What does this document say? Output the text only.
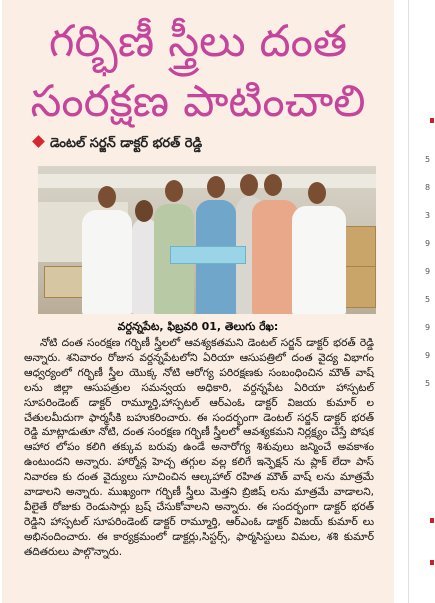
గర్భిణీ స్త్రీలు దంత
సంరక్షణ పాటించాలి
డెంటల్ సర్జన్ డాక్టర్ భరత్ రెడ్డి
వర్దన్నపేట, ఫిబ్రవరి 01, తెలుగు రేఖ:

నోటి దంత సంరక్షణ గర్భిణీ స్త్రీలలో ఆవశ్యకతమని డెంటల్ సర్జన్ డాక్టర్ భరత్ రెడ్డి అన్నారు. శనివారం రోజున వర్దన్నపేటలోని ఏరియా ఆసుపత్రిలో దంత వైద్య విభాగం ఆధ్వర్యంలో గర్భిణీ స్త్రీల యొక్క నోటి ఆరోగ్య పరిరక్షణకు సంబంధించిన మౌత్ వాష్ లను జిల్లా ఆసుపత్రుల సమన్వయ అధికారి, వర్దన్నపేట ఏరియా హాస్పటల్ సూపరిండెంట్ డాక్టర్ రామ్మూర్తి,హాస్పటల్ ఆర్ఎంఓ డాక్టర్ విజయ కుమార్ ల చేతులమీదుగా ఫార్మసీకి బహుకరించారు. ఈ సందర్భంగా డెంటల్ సర్జన్ డాక్టర్ భరత్ రెడ్డి మాట్లాడుతూ నోటి, దంత సంరక్షణ గర్భిణీ స్త్రీలలో ఆవశ్యకమని నిర్లక్ష్యం చేస్తే పోషక ఆహార లోపం కలిగి తక్కువ బరువు ఉండే అనారోగ్య శిశువులు జన్మించే అవకాశం ఉంటుందని అన్నారు. హార్మోన్ల హెచ్చ తగ్గుల వల్ల కలిగే ఇన్ఫెక్షన్ ను ప్లాక్ లేదా పాస్ నివారణ కు దంత వైద్యులు సూచించిన ఆల్కహాల్ రహిత మౌత్ వాష్ లను మాత్రమే వాడాలని అన్నారు. ముఖ్యంగా గర్భిణీ స్త్రీలు మెత్తని బ్రిజిష్ లను మాత్రమే వాడాలని, వీలైతే రోజుకు రెండుసార్లు బ్రష్ చేసుకోవాలని అన్నారు. ఈ సందర్భంగా డాక్టర్ భరత్ రెడ్డిని హాస్పటల్ సూపరిండెంట్ డాక్టర్ రామ్మూర్తి, ఆర్ఎంఓ డాక్టర్ విజయ్ కుమార్ లు అభినందించారు. ఈ కార్యక్రమంలో డాక్టర్లు,సిస్టర్స్, ఫార్మసిస్టులు విమల, శశి కుమార్ తదితరులు పాల్గొన్నారు.

5
8
3
9
9
5
9
9
5
